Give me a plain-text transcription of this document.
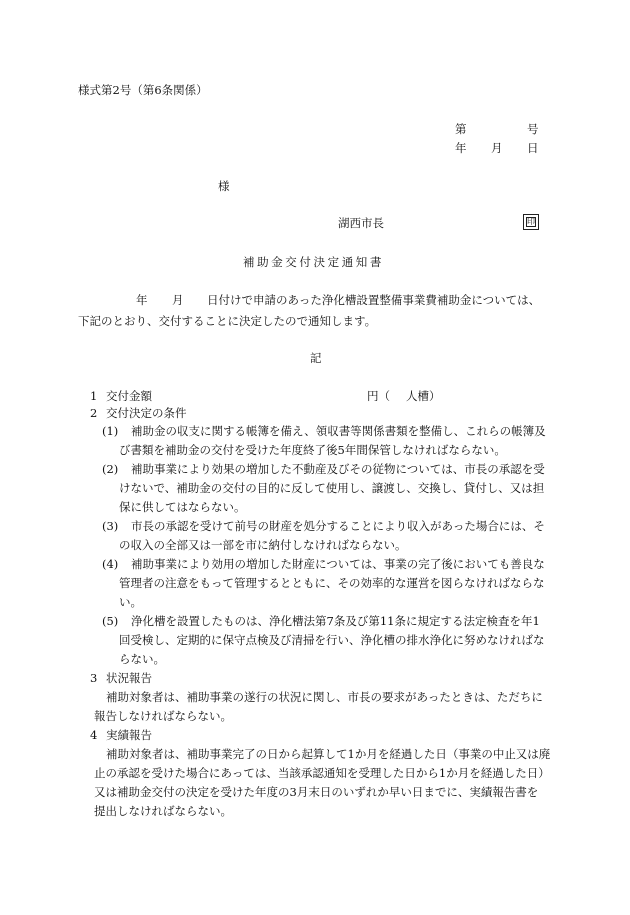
様式第2号（第6条関係）
第	号
年 月 日
様
湖西市長	印
補助金交付決定通知書
年 月 日付けで申請のあった浄化槽設置整備事業費補助金については、
下記のとおり、交付することに決定したので通知します。
記
1 交付金額	円（ 人槽）
2 交付決定の条件
(1) 補助金の収支に関する帳簿を備え、領収書等関係書類を整備し、これらの帳簿及
び書類を補助金の交付を受けた年度終了後5年間保管しなければならない。
(2) 補助事業により効果の増加した不動産及びその従物については、市長の承認を受
けないで、補助金の交付の目的に反して使用し、譲渡し、交換し、貸付し、又は担
保に供してはならない。
(3) 市長の承認を受けて前号の財産を処分することにより収入があった場合には、そ
の収入の全部又は一部を市に納付しなければならない。
(4) 補助事業により効用の増加した財産については、事業の完了後においても善良な
管理者の注意をもって管理するとともに、その効率的な運営を図らなければならな
い。
(5) 浄化槽を設置したものは、浄化槽法第7条及び第11条に規定する法定検査を年1
回受検し、定期的に保守点検及び清掃を行い、浄化槽の排水浄化に努めなければな
らない。
3 状況報告
補助対象者は、補助事業の遂行の状況に関し、市長の要求があったときは、ただちに
報告しなければならない。
4 実績報告
補助対象者は、補助事業完了の日から起算して1か月を経過した日（事業の中止又は廃
止の承認を受けた場合にあっては、当該承認通知を受理した日から1か月を経過した日）
又は補助金交付の決定を受けた年度の3月末日のいずれか早い日までに、実績報告書を
提出しなければならない。
